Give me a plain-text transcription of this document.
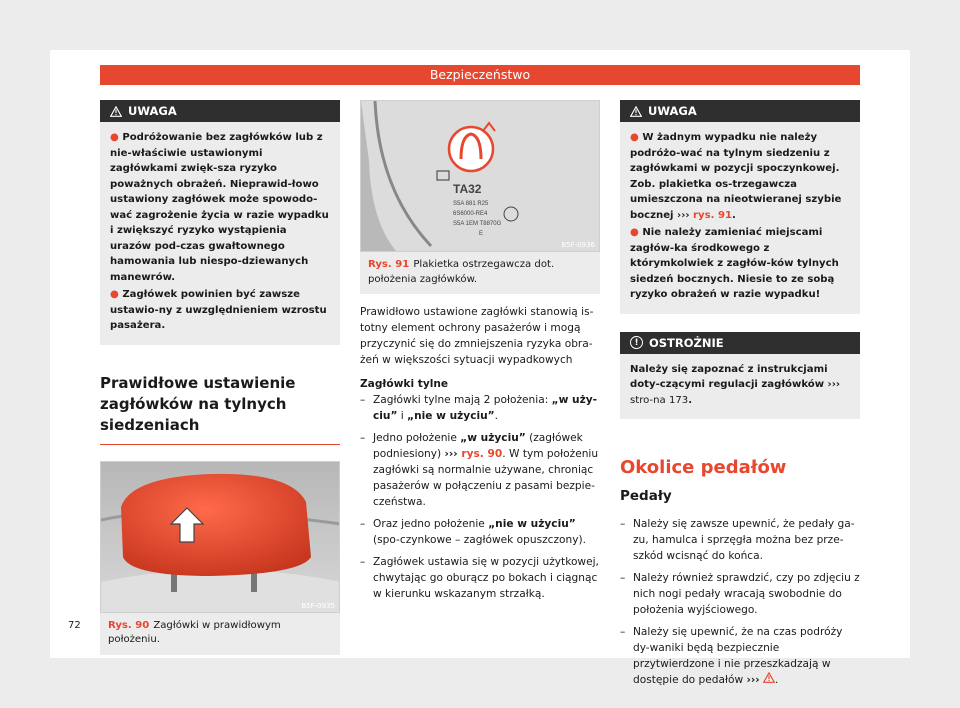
Bezpieczeństwo
UWAGA

● Podróżowanie bez zagłówków lub z nie-właściwie ustawionymi zagłówkami zwięk-sza ryzyko poważnych obrażeń. Nieprawid-łowo ustawiony zagłówek może spowodo-wać zagrożenie życia w razie wypadku i zwiększyć ryzyko wystąpienia urazów pod-czas gwałtownego hamowania lub niespo-dziewanych manewrów.

● Zagłówek powinien być zawsze ustawio-ny z uwzględnieniem wzrostu pasażera.

Prawidłowe ustawienie zagłówków na tylnych siedzeniach
B5F-0935
Rys. 90 Zagłówki w prawidłowym położeniu.
TA32
S5A 881 R25
6S6000-RE4
S5A 1EM T8870G
E
B5F-0936
Rys. 91 Plakietka ostrzegawcza dot. położenia zagłówków.

Prawidłowo ustawione zagłówki stanowią is-totny element ochrony pasażerów i mogą przyczynić się do zmniejszenia ryzyka obra-żeń w większości sytuacji wypadkowych

Zagłówki tylne
– Zagłówki tylne mają 2 położenia: „w uży-ciu” i „nie w użyciu”.
– Jedno położenie „w użyciu” (zagłówek podniesiony) ››› rys. 90. W tym położeniu zagłówki są normalnie używane, chroniąc pasażerów w połączeniu z pasami bezpie-czeństwa.
– Oraz jedno położenie „nie w użyciu” (spo-czynkowe – zagłówek opuszczony).
– Zagłówek ustawia się w pozycji użytkowej, chwytając go oburącz po bokach i ciągnąc w kierunku wskazanym strzałką.
UWAGA

● W żadnym wypadku nie należy podróżo-wać na tylnym siedzeniu z zagłówkami w pozycji spoczynkowej. Zob. plakietka os-trzegawcza umieszczona na nieotwieranej szybie bocznej ››› rys. 91.

● Nie należy zamieniać miejscami zagłów-ka środkowego z którymkolwiek z zagłów-ków tylnych siedzeń bocznych. Niesie to ze sobą ryzyko obrażeń w razie wypadku!

! OSTROŻNIE

Należy się zapoznać z instrukcjami doty-czącymi regulacji zagłówków ››› stro-na 173.

Okolice pedałów
Pedały
– Należy się zawsze upewnić, że pedały ga-zu, hamulca i sprzęgła można bez prze-szkód wcisnąć do końca.
– Należy również sprawdzić, czy po zdjęciu z nich nogi pedały wracają swobodnie do położenia wyjściowego.
– Należy się upewnić, że na czas podróży dy-waniki będą bezpiecznie przytwierdzone i nie przeszkadzają w dostępie do pedałów ››› .
72
